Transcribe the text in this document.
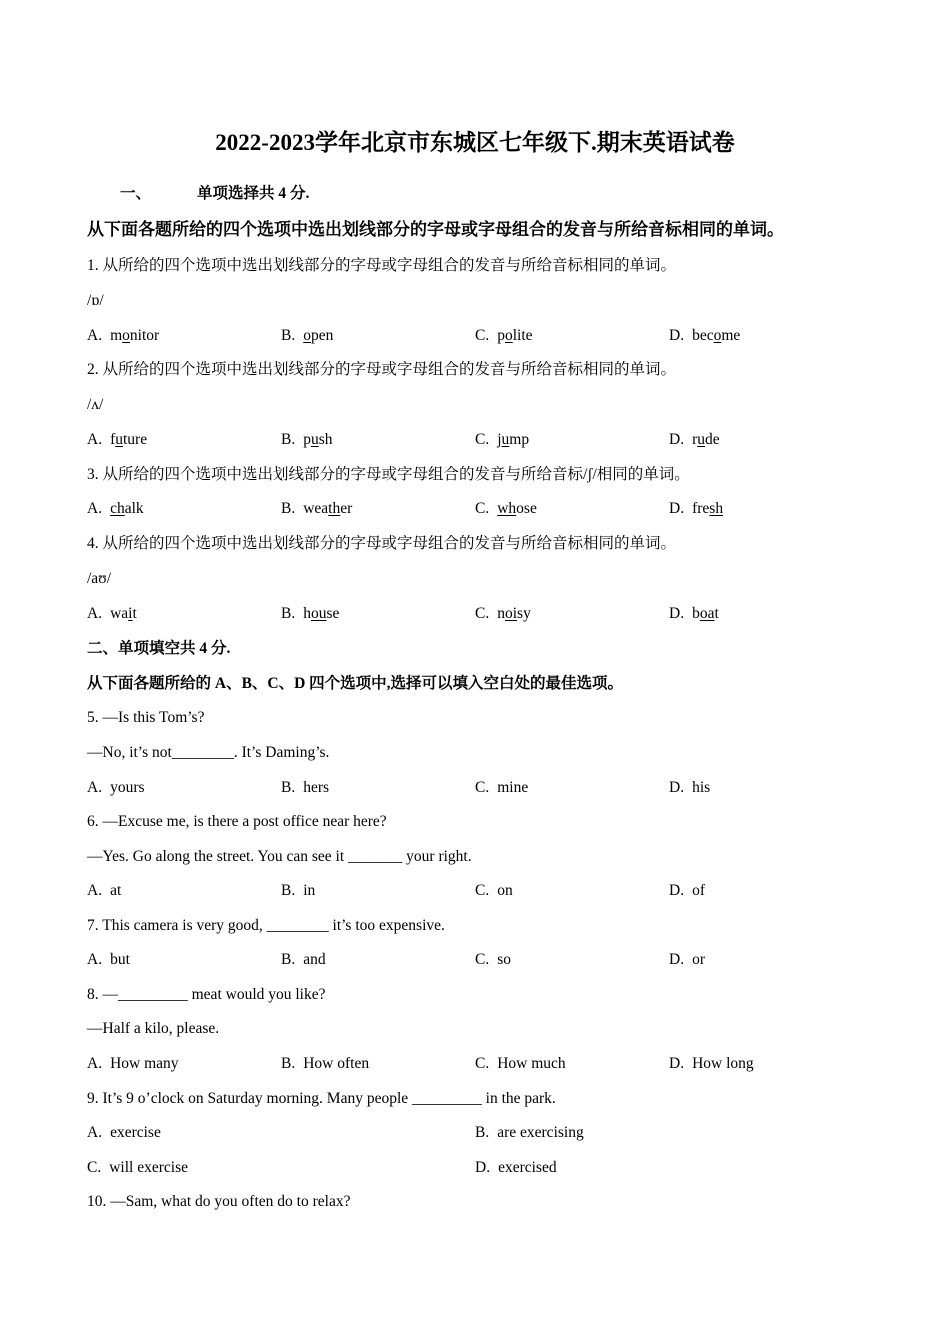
2022-2023学年北京市东城区七年级下.期末英语试卷
一、	单项选择共 4 分.
从下面各题所给的四个选项中选出划线部分的字母或字母组合的发音与所给音标相同的单词。
1. 从所给的四个选项中选出划线部分的字母或字母组合的发音与所给音标相同的单词。
/ɒ/
A. monitor	B. open	C. polite	D. become
2. 从所给的四个选项中选出划线部分的字母或字母组合的发音与所给音标相同的单词。
/ʌ/
A. future	B. push	C. jump	D. rude
3. 从所给的四个选项中选出划线部分的字母或字母组合的发音与所给音标/ʃ/相同的单词。
A. chalk	B. weather	C. whose	D. fresh
4. 从所给的四个选项中选出划线部分的字母或字母组合的发音与所给音标相同的单词。
/aʊ/
A. wait	B. house	C. noisy	D. boat
二、单项填空共 4 分.
从下面各题所给的 A、B、C、D 四个选项中,选择可以填入空白处的最佳选项。
5. —Is this Tom’s?
—No, it’s not________. It’s Daming’s.
A. yours	B. hers	C. mine	D. his
6. —Excuse me, is there a post office near here?
—Yes. Go along the street. You can see it _______ your right.
A. at	B. in	C. on	D. of
7. This camera is very good, ________ it’s too expensive.
A. but	B. and	C. so	D. or
8. —_________ meat would you like?
—Half a kilo, please.
A. How many	B. How often	C. How much	D. How long
9. It’s 9 o’clock on Saturday morning. Many people _________ in the park.
A. exercise	B. are exercising
C. will exercise	D. exercised
10. —Sam, what do you often do to relax?
